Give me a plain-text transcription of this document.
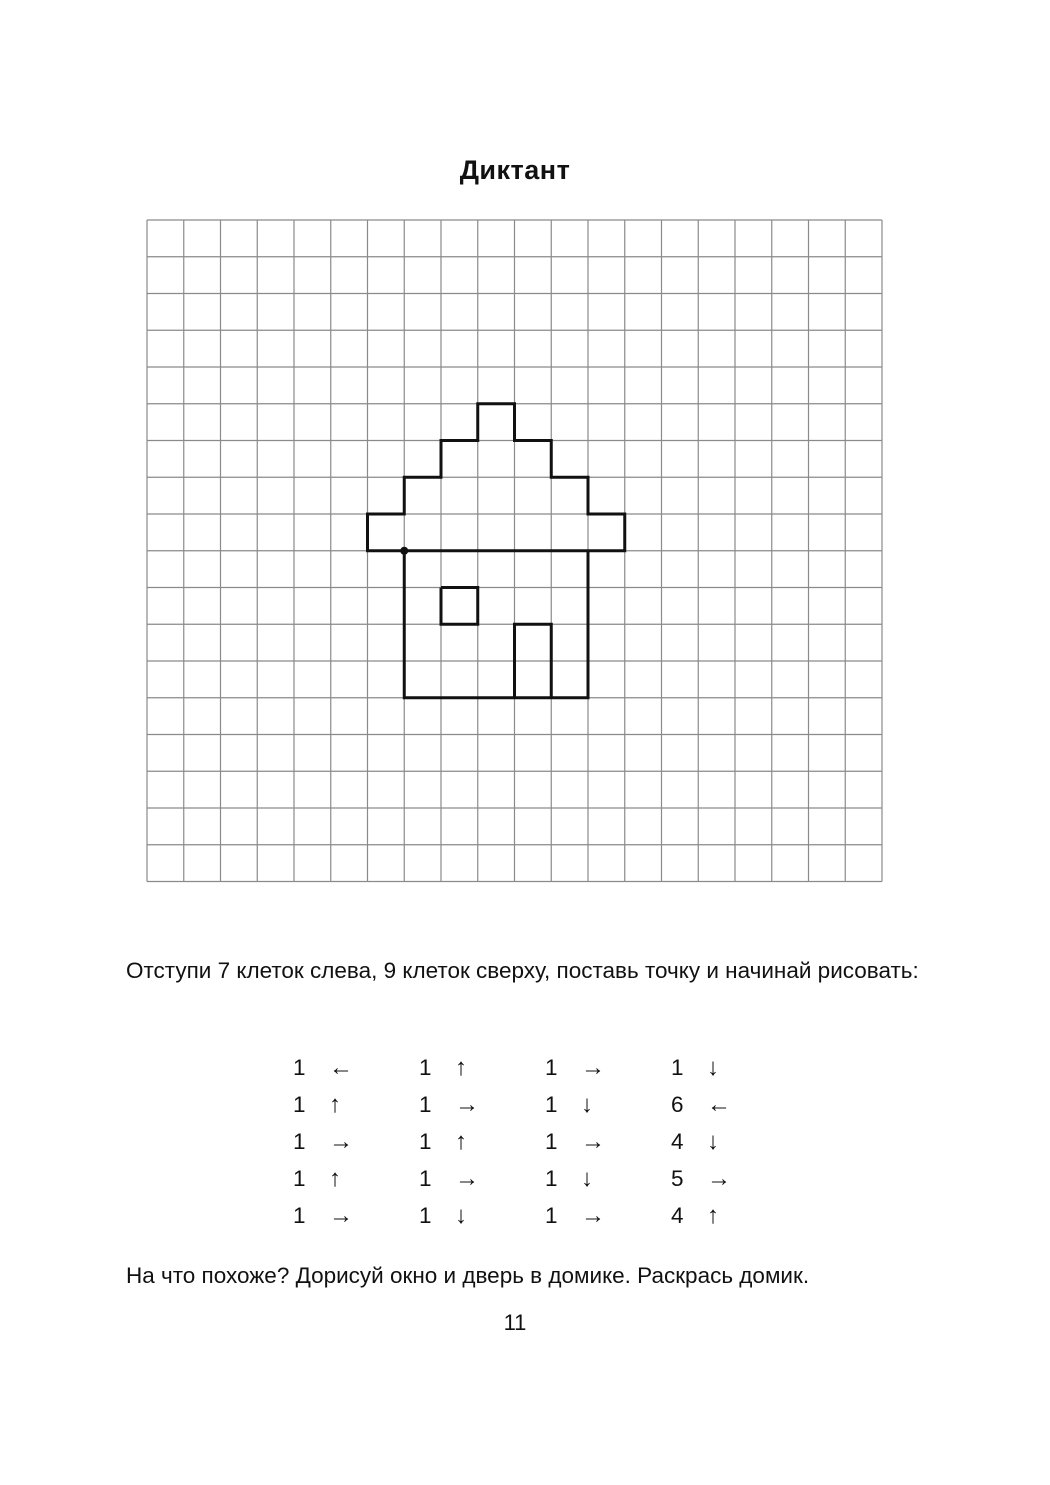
Диктант
Отступи 7 клеток слева, 9 клеток сверху, поставь точку и начинай рисовать:
1 ←
1 ↑
1 →
1 ↑
1 →
1 ↑
1 →
1 ↑
1 →
1 ↓
1 →
1 ↓
1 →
1 ↓
1 →
1 ↓
6 ←
4 ↓
5 →
4 ↑
На что похоже? Дорисуй окно и дверь в домике. Раскрась домик.
11
